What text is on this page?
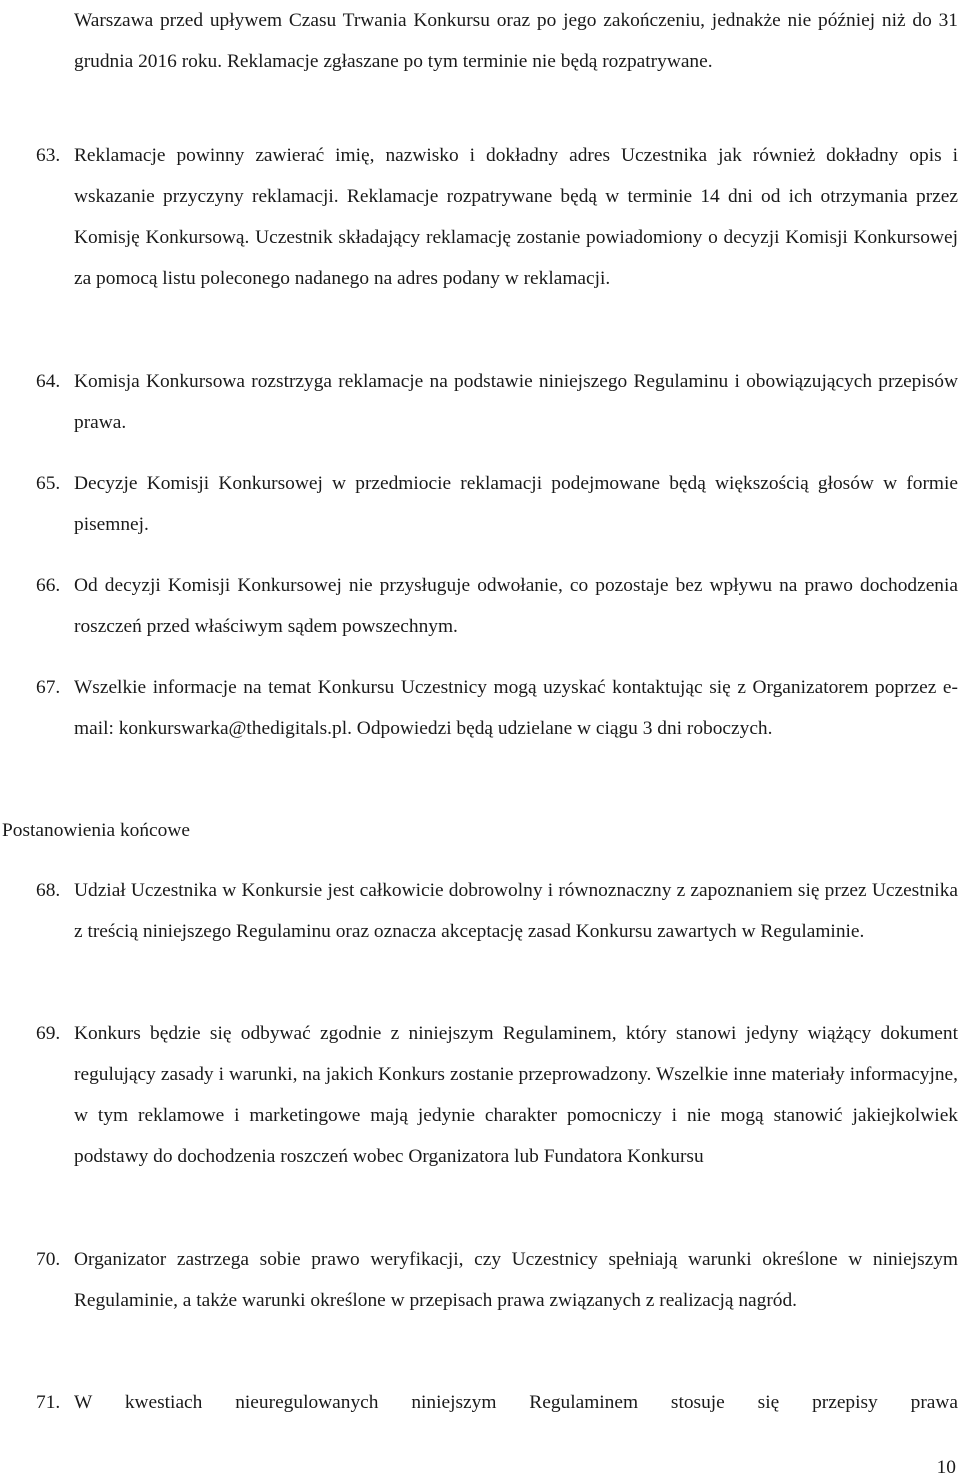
Warszawa przed upływem Czasu Trwania Konkursu oraz po jego zakończeniu, jednakże nie później niż do 31 grudnia 2016 roku. Reklamacje zgłaszane po tym terminie nie będą rozpatrywane.

63. Reklamacje powinny zawierać imię, nazwisko i dokładny adres Uczestnika jak również dokładny opis i wskazanie przyczyny reklamacji. Reklamacje rozpatrywane będą w terminie 14 dni od ich otrzymania przez Komisję Konkursową. Uczestnik składający reklamację zostanie powiadomiony o decyzji Komisji Konkursowej za pomocą listu poleconego nadanego na adres podany w reklamacji.
64. Komisja Konkursowa rozstrzyga reklamacje na podstawie niniejszego Regulaminu i obowiązujących przepisów prawa.
65. Decyzje Komisji Konkursowej w przedmiocie reklamacji podejmowane będą większością głosów w formie pisemnej.
66. Od decyzji Komisji Konkursowej nie przysługuje odwołanie, co pozostaje bez wpływu na prawo dochodzenia roszczeń przed właściwym sądem powszechnym.
67. Wszelkie informacje na temat Konkursu Uczestnicy mogą uzyskać kontaktując się z Organizatorem poprzez e-mail: konkurswarka@thedigitals.pl. Odpowiedzi będą udzielane w ciągu 3 dni roboczych.
Postanowienia końcowe
68. Udział Uczestnika w Konkursie jest całkowicie dobrowolny i równoznaczny z zapoznaniem się przez Uczestnika z treścią niniejszego Regulaminu oraz oznacza akceptację zasad Konkursu zawartych w Regulaminie.
69. Konkurs będzie się odbywać zgodnie z niniejszym Regulaminem, który stanowi jedyny wiążący dokument regulujący zasady i warunki, na jakich Konkurs zostanie przeprowadzony. Wszelkie inne materiały informacyjne, w tym reklamowe i marketingowe mają jedynie charakter pomocniczy i nie mogą stanowić jakiejkolwiek podstawy do dochodzenia roszczeń wobec Organizatora lub Fundatora Konkursu
70. Organizator zastrzega sobie prawo weryfikacji, czy Uczestnicy spełniają warunki określone w niniejszym Regulaminie, a także warunki określone w przepisach prawa związanych z realizacją nagród.
71. W kwestiach nieuregulowanych niniejszym Regulaminem stosuje się przepisy prawa
10
